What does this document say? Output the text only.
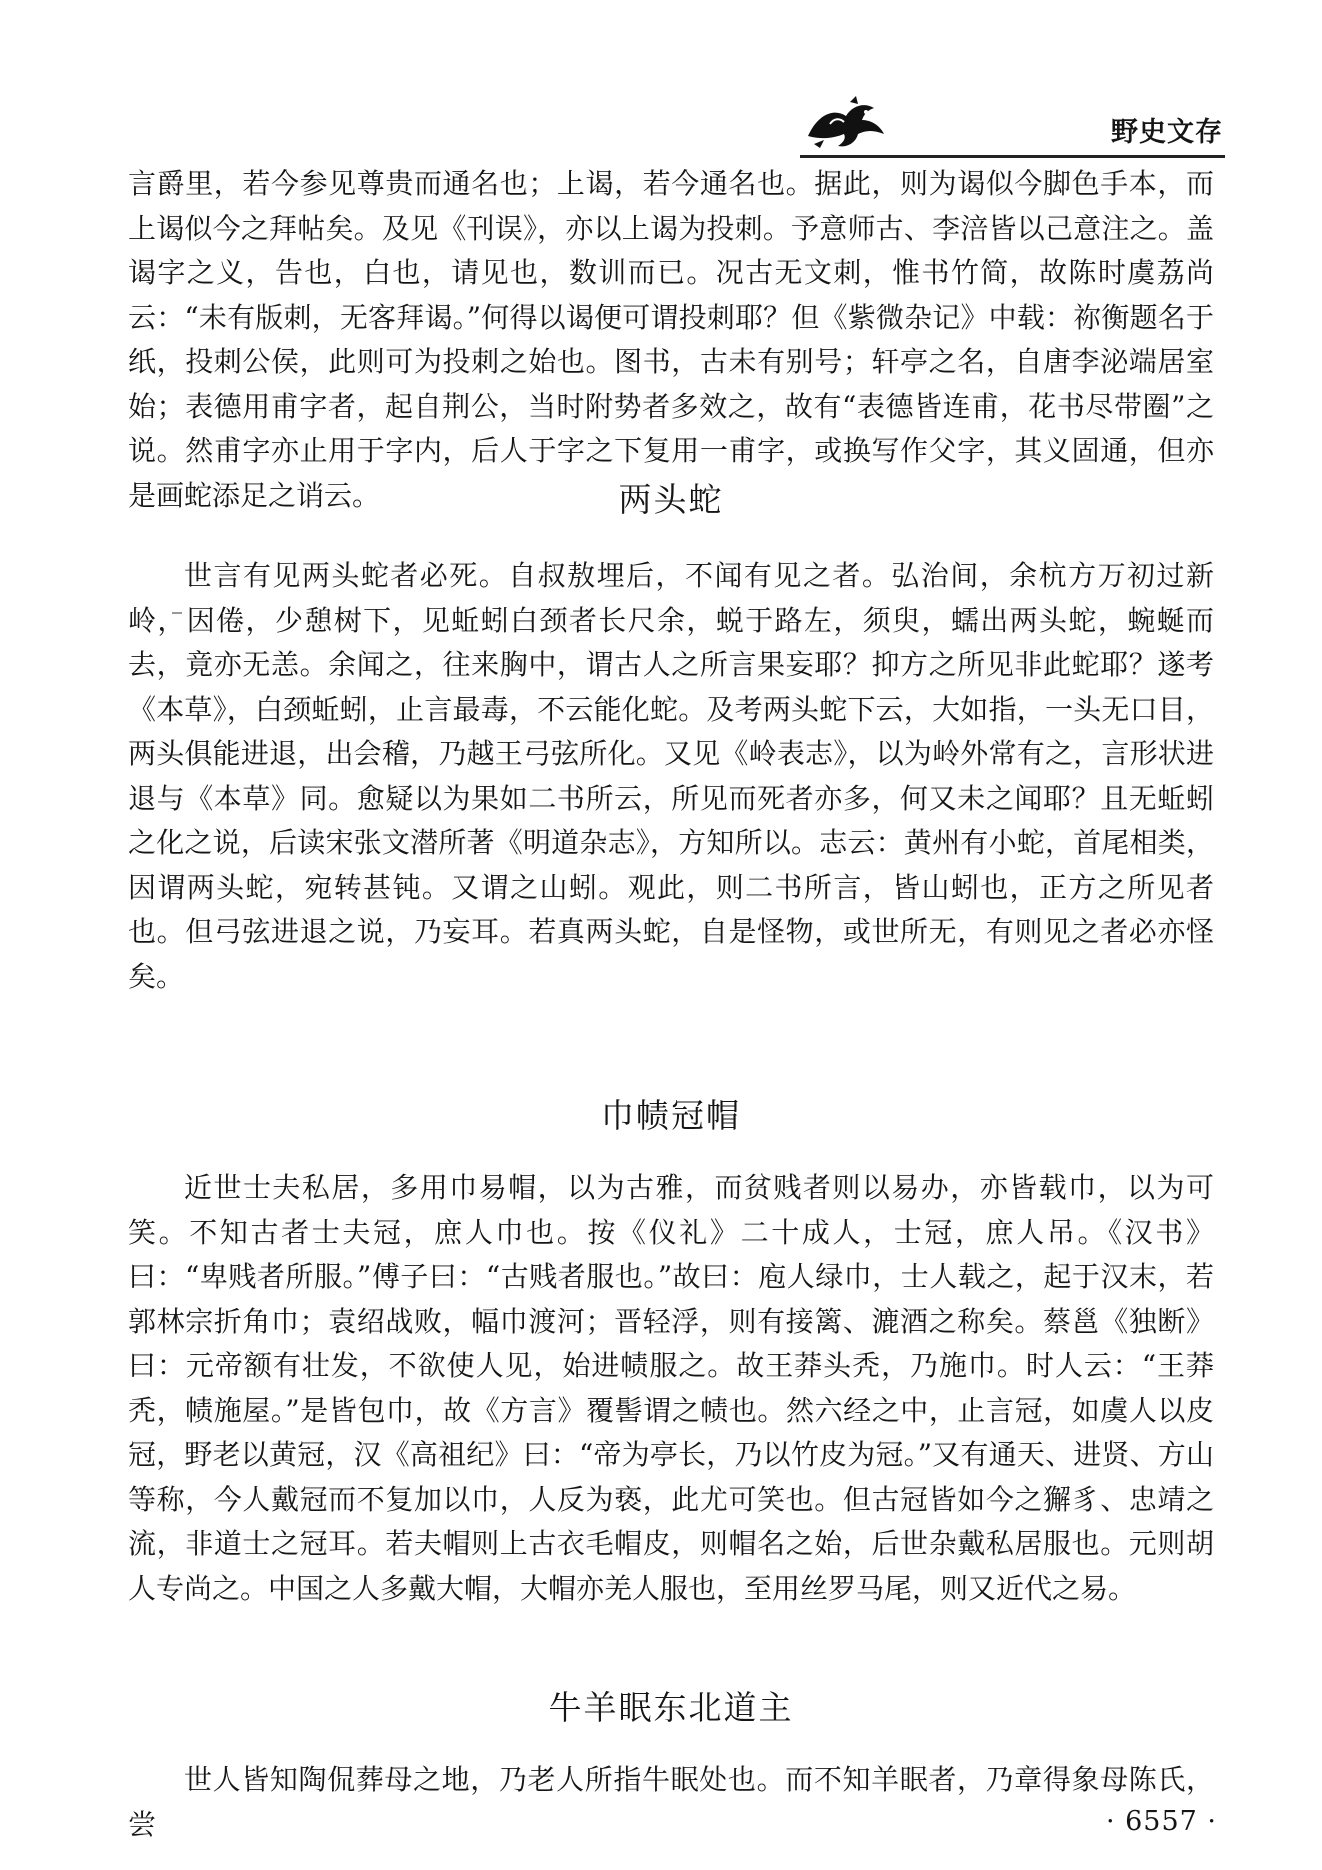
野史文存

言爵里，若今参见尊贵而通名也；上谒，若今通名也。据此，则为谒似今脚色手本，而上谒似今之拜帖矣。及见《刊误》，亦以上谒为投刺。予意师古、李涪皆以己意注之。盖谒字之义，告也，白也，请见也，数训而已。况古无文刺，惟书竹简，故陈时虞荔尚云：“未有版刺，无客拜谒。”何得以谒便可谓投刺耶？但《紫微杂记》中载：祢衡题名于纸，投刺公侯，此则可为投刺之始也。图书，古未有别号；轩亭之名，自唐李泌端居室始；表德用甫字者，起自荆公，当时附势者多效之，故有“表德皆连甫，花书尽带圈”之说。然甫字亦止用于字内，后人于字之下复用一甫字，或换写作父字，其义固通，但亦是画蛇添足之诮云。	两头蛇

世言有见两头蛇者必死。自叔敖埋后，不闻有见之者。弘治间，余杭方万初过新岭，因倦，少憩树下，见蚯蚓白颈者长尺余，蜕于路左，须臾，蠕出两头蛇，蜿蜒而去，竟亦无恙。余闻之，往来胸中，谓古人之所言果妄耶？抑方之所见非此蛇耶？遂考《本草》，白颈蚯蚓，止言最毒，不云能化蛇。及考两头蛇下云，大如指，一头无口目，两头俱能进退，出会稽，乃越王弓弦所化。又见《岭表志》，以为岭外常有之，言形状进退与《本草》同。愈疑以为果如二书所云，所见而死者亦多，何又未之闻耶？且无蚯蚓之化之说，后读宋张文潜所著《明道杂志》，方知所以。志云：黄州有小蛇，首尾相类，因谓两头蛇，宛转甚钝。又谓之山蚓。观此，则二书所言，皆山蚓也，正方之所见者也。但弓弦进退之说，乃妄耳。若真两头蛇，自是怪物，或世所无，有则见之者必亦怪矣。

巾帻冠帽

近世士夫私居，多用巾易帽，以为古雅，而贫贱者则以易办，亦皆载巾，以为可笑。不知古者士夫冠，庶人巾也。按《仪礼》二十成人，士冠，庶人吊。《汉书》曰：“卑贱者所服。”傅子曰：“古贱者服也。”故曰：庖人绿巾，士人载之，起于汉末，若郭林宗折角巾；袁绍战败，幅巾渡河；晋轻浮，则有接篱、漉酒之称矣。蔡邕《独断》曰：元帝额有壮发，不欲使人见，始进帻服之。故王莽头秃，乃施巾。时人云：“王莽秃，帻施屋。”是皆包巾，故《方言》覆髻谓之帻也。然六经之中，止言冠，如虞人以皮冠，野老以黄冠，汉《高祖纪》曰：“帝为亭长，乃以竹皮为冠。”又有通天、进贤、方山等称，今人戴冠而不复加以巾，人反为亵，此尤可笑也。但古冠皆如今之獬豸、忠靖之流，非道士之冠耳。若夫帽则上古衣毛帽皮，则帽名之始，后世杂戴私居服也。元则胡人专尚之。中国之人多戴大帽，大帽亦羌人服也，至用丝罗马尾，则又近代之易。

牛羊眠东北道主

世人皆知陶侃葬母之地，乃老人所指牛眠处也。而不知羊眠者，乃章得象母陈氏，尝	· 6557 ·
